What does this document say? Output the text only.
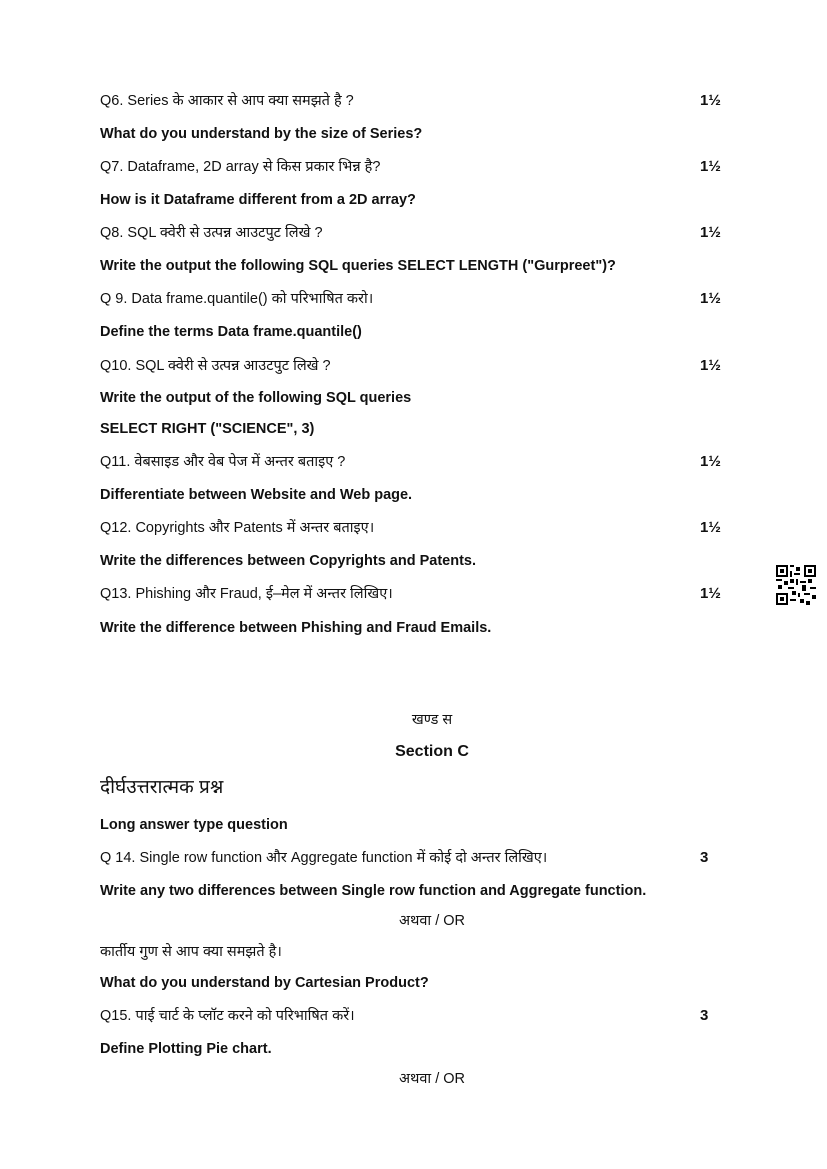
Q6. Series के आकार से आप क्या समझते है ?	1½
What do you understand by the size of Series?
Q7. Dataframe, 2D array से किस प्रकार भिन्न है?	1½
How is it Dataframe different from a 2D array?
Q8. SQL क्वेरी से उत्पन्न आउटपुट लिखे ?	1½
Write the output the following SQL queries SELECT LENGTH ("Gurpreet")?
Q 9. Data frame.quantile() को परिभाषित करो।	1½
Define the terms Data frame.quantile()
Q10. SQL क्वेरी से उत्पन्न आउटपुट लिखे ?	1½
Write the output of the following SQL queries
SELECT RIGHT ("SCIENCE", 3)
Q11. वेबसाइड और वेब पेज में अन्तर बताइए ?	1½
Differentiate between Website and Web page.
Q12. Copyrights और Patents में अन्तर बताइए।	1½
Write the differences between Copyrights and Patents.
Q13. Phishing और Fraud, ई–मेल में अन्तर लिखिए।	1½
Write the difference between Phishing and Fraud Emails.
खण्ड स
Section C
दीर्घउत्तरात्मक प्रश्न
Long answer type question
Q 14. Single row function और Aggregate function में कोई दो अन्तर लिखिए।	3
Write any two differences between Single row function and Aggregate function.
अथवा / OR
कार्तीय गुण से आप क्या समझते है।
What do you understand by Cartesian Product?
Q15. पाई चार्ट के प्लॉट करने को परिभाषित करें।	3
Define Plotting Pie chart.
अथवा / OR
